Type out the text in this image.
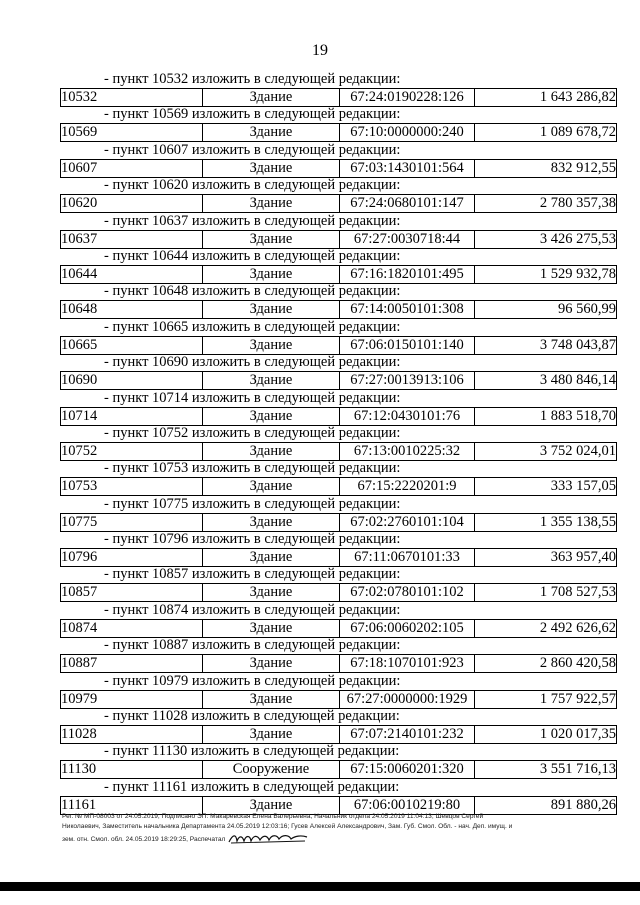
19
- пункт 10532 изложить в следующей редакции:
10532	Здание	67:24:0190228:126	1 643 286,82
- пункт 10569 изложить в следующей редакции:
10569	Здание	67:10:0000000:240	1 089 678,72
- пункт 10607 изложить в следующей редакции:
10607	Здание	67:03:1430101:564	832 912,55
- пункт 10620 изложить в следующей редакции:
10620	Здание	67:24:0680101:147	2 780 357,38
- пункт 10637 изложить в следующей редакции:
10637	Здание	67:27:0030718:44	3 426 275,53
- пункт 10644 изложить в следующей редакции:
10644	Здание	67:16:1820101:495	1 529 932,78
- пункт 10648 изложить в следующей редакции:
10648	Здание	67:14:0050101:308	96 560,99
- пункт 10665 изложить в следующей редакции:
10665	Здание	67:06:0150101:140	3 748 043,87
- пункт 10690 изложить в следующей редакции:
10690	Здание	67:27:0013913:106	3 480 846,14
- пункт 10714 изложить в следующей редакции:
10714	Здание	67:12:0430101:76	1 883 518,70
- пункт 10752 изложить в следующей редакции:
10752	Здание	67:13:0010225:32	3 752 024,01
- пункт 10753 изложить в следующей редакции:
10753	Здание	67:15:2220201:9	333 157,05
- пункт 10775 изложить в следующей редакции:
10775	Здание	67:02:2760101:104	1 355 138,55
- пункт 10796 изложить в следующей редакции:
10796	Здание	67:11:0670101:33	363 957,40
- пункт 10857 изложить в следующей редакции:
10857	Здание	67:02:0780101:102	1 708 527,53
- пункт 10874 изложить в следующей редакции:
10874	Здание	67:06:0060202:105	2 492 626,62
- пункт 10887 изложить в следующей редакции:
10887	Здание	67:18:1070101:923	2 860 420,58
- пункт 10979 изложить в следующей редакции:
10979	Здание	67:27:0000000:1929	1 757 922,57
- пункт 11028 изложить в следующей редакции:
11028	Здание	67:07:2140101:232	1 020 017,35
- пункт 11130 изложить в следующей редакции:
11130	Сооружение	67:15:0060201:320	3 551 716,13
- пункт 11161 изложить в следующей редакции:
11161	Здание	67:06:0010219:80	891 880,26
Рег. № МП-08003 от 24.05.2019, Подписано ЭП: Макаревская Елена Валерьевна, Начальник отдела 24.05.2019 11:04:13; Шевцов Сергей
Николаевич, Заместитель начальника Департамента 24.05.2019 12:03:16; Гусев Алексей Александрович, Зам. Губ. Смол. Обл. - нач. Деп. имущ. и
зем. отн. Смол. обл. 24.05.2019 18:29:25, Распечатал
